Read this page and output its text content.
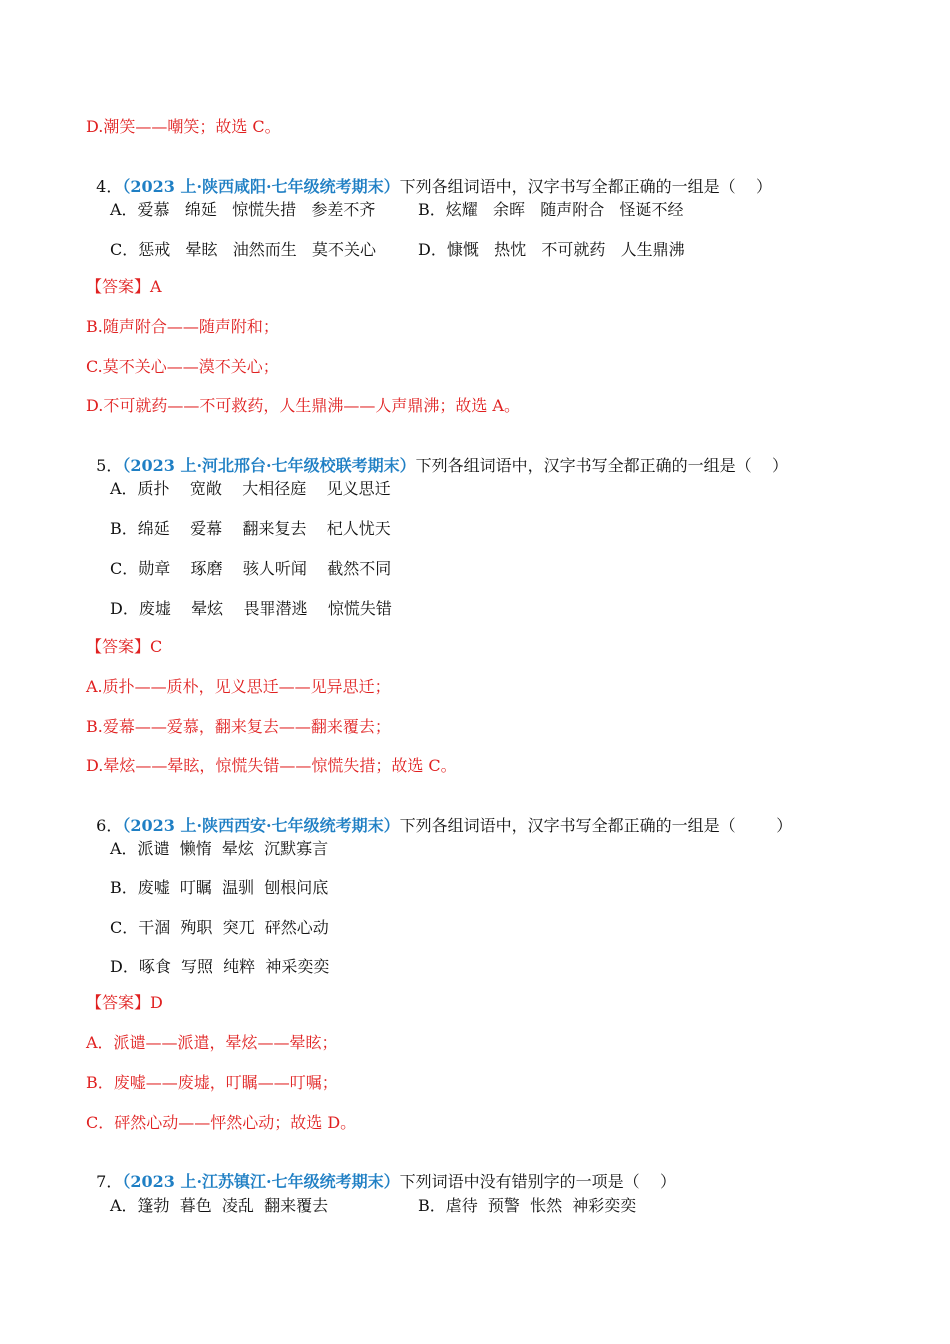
D.潮笑——嘲笑；故选 C。

4．（2023 上·陕西咸阳·七年级统考期末）下列各组词语中，汉字书写全都正确的一组是（    ）

A．爱慕   绵延   惊慌失措   参差不齐	B．炫耀   余晖   随声附合   怪诞不经
C．惩戒   晕眩   油然而生   莫不关心	D．慷慨   热忱   不可就药   人生鼎沸
【答案】A
B.随声附合——随声附和；
C.莫不关心——漠不关心；
D.不可就药——不可救药，人生鼎沸——人声鼎沸；故选 A。

5．（2023 上·河北邢台·七年级校联考期末）下列各组词语中，汉字书写全都正确的一组是（    ）

A．质扑    宽敞    大相径庭    见义思迁
B．绵延    爱幕    翻来复去    杞人忧天
C．勋章    琢磨    骇人听闻    截然不同
D．废墟    晕炫    畏罪潜逃    惊慌失错
【答案】C
A.质扑——质朴，见义思迁——见异思迁；
B.爱幕——爱慕，翻来复去——翻来覆去；
D.晕炫——晕眩，惊慌失错——惊慌失措；故选 C。

6．（2023 上·陕西西安·七年级统考期末）下列各组词语中，汉字书写全都正确的一组是（        ）

A．派谴  懒惰  晕炫  沉默寡言
B．废嘘  叮瞩  温驯  刨根问底
C．干涸  殉职  突兀  砰然心动
D．啄食  写照  纯粹  神采奕奕
【答案】D
A．派谴——派遣，晕炫——晕眩；
B．废嘘——废墟，叮瞩——叮嘱；
C．砰然心动——怦然心动；故选 D。

7．（2023 上·江苏镇江·七年级统考期末）下列词语中没有错别字的一项是（    ）

A．篷勃  暮色  凌乱  翻来覆去	B．虐待  预警  怅然  神彩奕奕
